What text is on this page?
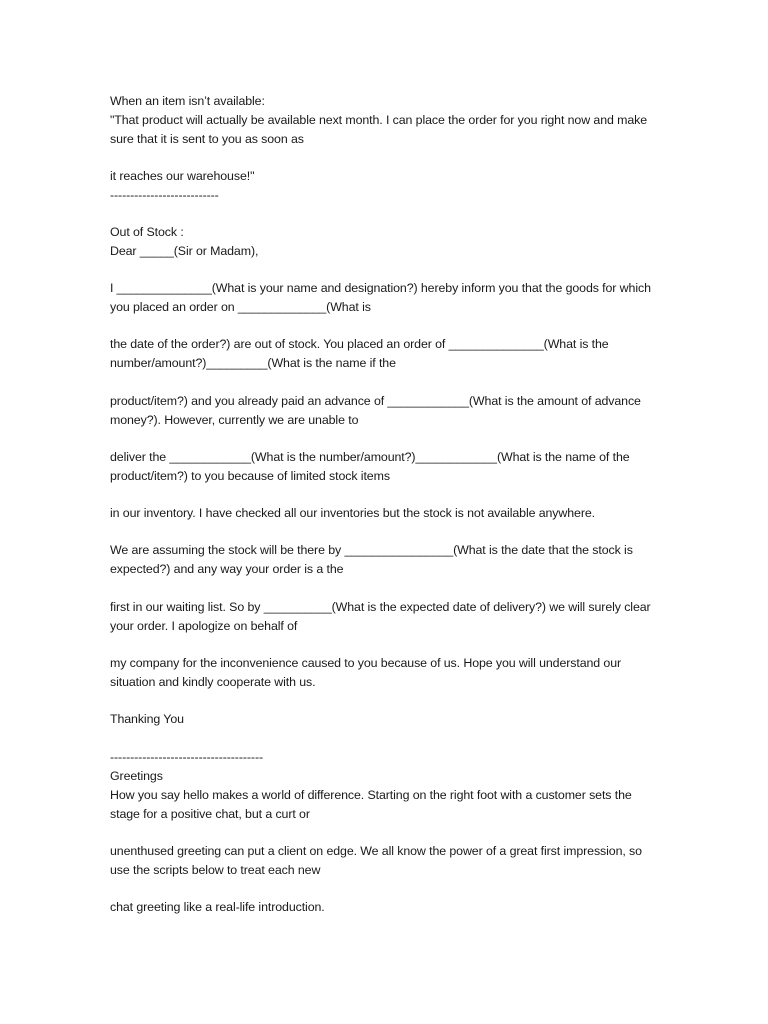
When an item isn’t available:

"That product will actually be available next month. I can place the order for you right now and make

sure that it is sent to you as soon as

it reaches our warehouse!"

---------------------------

Out of Stock :

Dear _____(Sir or Madam),

I ______________(What is your name and designation?) hereby inform you that the goods for which

you placed an order on _____________(What is

the date of the order?) are out of stock. You placed an order of ______________(What is the

number/amount?)_________(What is the name if the

product/item?) and you already paid an advance of ____________(What is the amount of advance

money?). However, currently we are unable to

deliver the ____________(What is the number/amount?)____________(What is the name of the

product/item?) to you because of limited stock items

in our inventory. I have checked all our inventories but the stock is not available anywhere.

We are assuming the stock will be there by ________________(What is the date that the stock is

expected?) and any way your order is a the

first in our waiting list. So by __________(What is the expected date of delivery?) we will surely clear

your order. I apologize on behalf of

my company for the inconvenience caused to you because of us. Hope you will understand our

situation and kindly cooperate with us.

Thanking You

--------------------------------------

Greetings

How you say hello makes a world of difference. Starting on the right foot with a customer sets the

stage for a positive chat, but a curt or

unenthused greeting can put a client on edge. We all know the power of a great first impression, so

use the scripts below to treat each new

chat greeting like a real-life introduction.
